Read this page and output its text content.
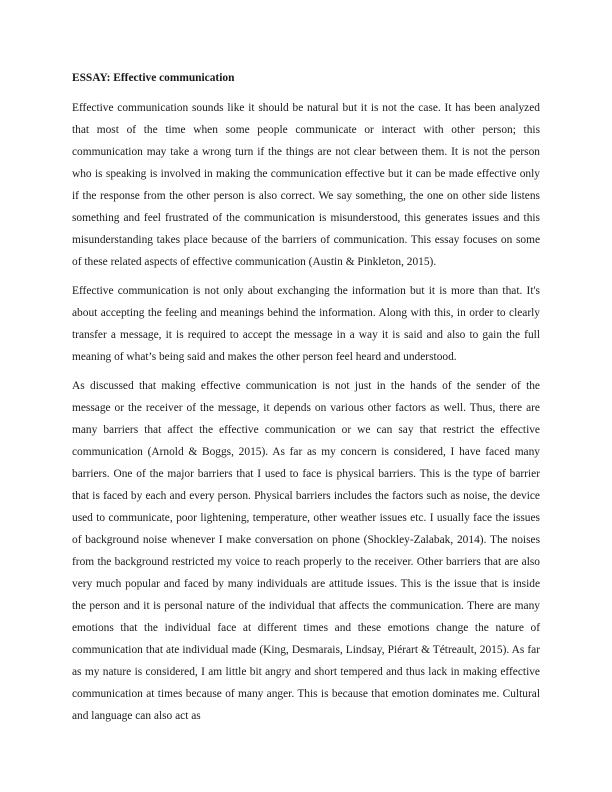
ESSAY: Effective communication

Effective communication sounds like it should be natural but it is not the case. It has been analyzed that most of the time when some people communicate or interact with other person; this communication may take a wrong turn if the things are not clear between them. It is not the person who is speaking is involved in making the communication effective but it can be made effective only if the response from the other person is also correct. We say something, the one on other side listens something and feel frustrated of the communication is misunderstood, this generates issues and this misunderstanding takes place because of the barriers of communication. This essay focuses on some of these related aspects of effective communication (Austin & Pinkleton, 2015).

Effective communication is not only about exchanging the information but it is more than that. It's about accepting the feeling and meanings behind the information. Along with this, in order to clearly transfer a message, it is required to accept the message in a way it is said and also to gain the full meaning of what’s being said and makes the other person feel heard and understood.

As discussed that making effective communication is not just in the hands of the sender of the message or the receiver of the message, it depends on various other factors as well. Thus, there are many barriers that affect the effective communication or we can say that restrict the effective communication (Arnold & Boggs, 2015). As far as my concern is considered, I have faced many barriers. One of the major barriers that I used to face is physical barriers. This is the type of barrier that is faced by each and every person. Physical barriers includes the factors such as noise, the device used to communicate, poor lightening, temperature, other weather issues etc. I usually face the issues of background noise whenever I make conversation on phone (Shockley-Zalabak, 2014). The noises from the background restricted my voice to reach properly to the receiver. Other barriers that are also very much popular and faced by many individuals are attitude issues. This is the issue that is inside the person and it is personal nature of the individual that affects the communication. There are many emotions that the individual face at different times and these emotions change the nature of communication that ate individual made (King, Desmarais, Lindsay, Piérart & Tétreault, 2015). As far as my nature is considered, I am little bit angry and short tempered and thus lack in making effective communication at times because of many anger. This is because that emotion dominates me. Cultural and language can also act as
